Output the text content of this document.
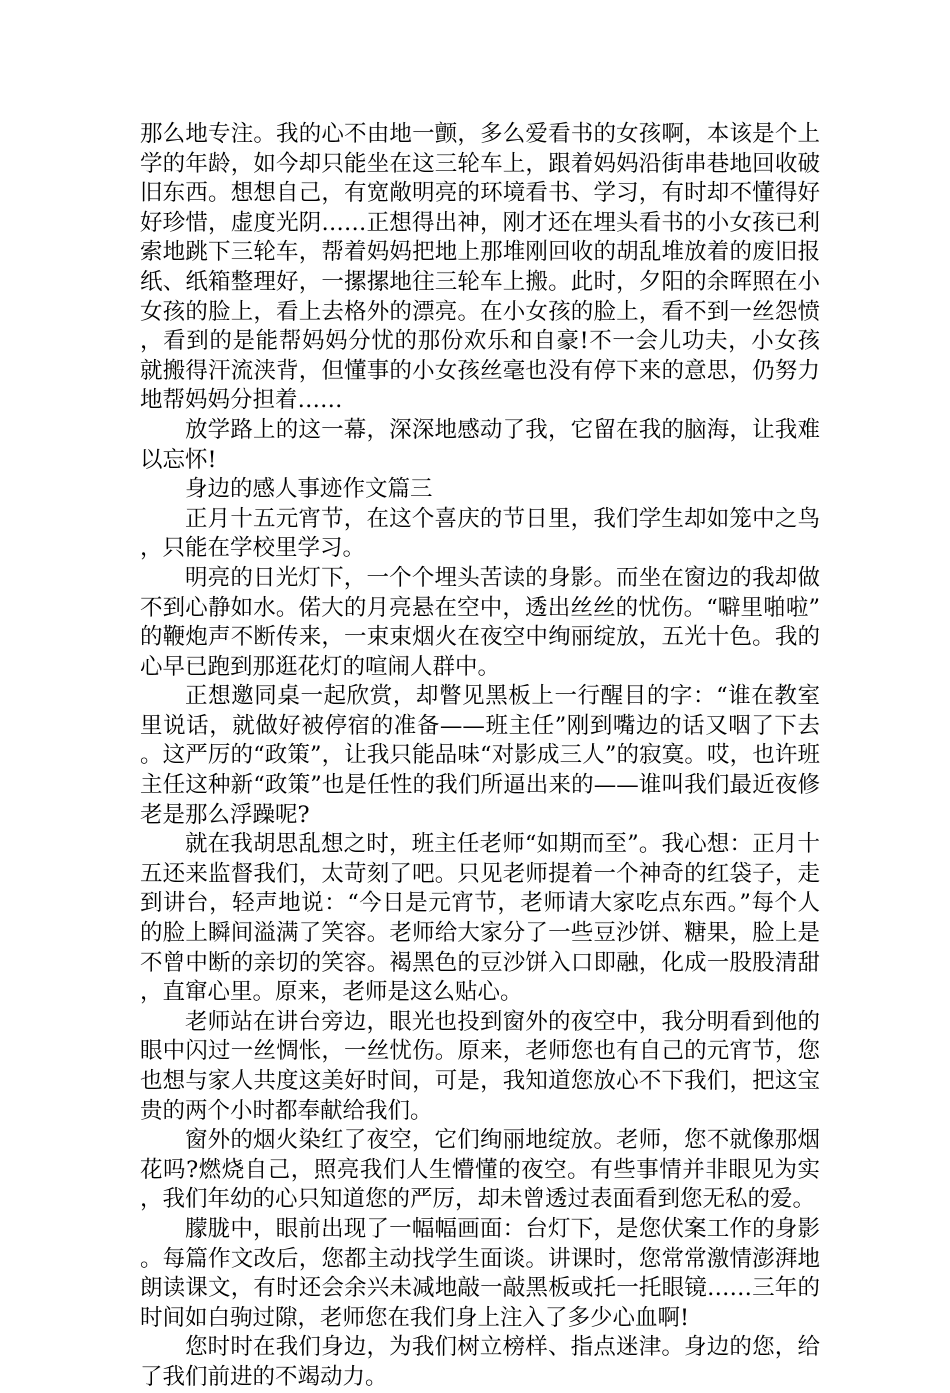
那么地专注。我的心不由地一颤，多么爱看书的女孩啊，本该是个上学的年龄，如今却只能坐在这三轮车上，跟着妈妈沿街串巷地回收破旧东西。想想自己，有宽敞明亮的环境看书、学习，有时却不懂得好好珍惜，虚度光阴……正想得出神，刚才还在埋头看书的小女孩已利索地跳下三轮车，帮着妈妈把地上那堆刚回收的胡乱堆放着的废旧报纸、纸箱整理好，一摞摞地往三轮车上搬。此时，夕阳的余晖照在小女孩的脸上，看上去格外的漂亮。在小女孩的脸上，看不到一丝怨愤，看到的是能帮妈妈分忧的那份欢乐和自豪!不一会儿功夫，小女孩就搬得汗流浃背，但懂事的小女孩丝毫也没有停下来的意思，仍努力地帮妈妈分担着……

放学路上的这一幕，深深地感动了我，它留在我的脑海，让我难以忘怀!

身边的感人事迹作文篇三

正月十五元宵节，在这个喜庆的节日里，我们学生却如笼中之鸟，只能在学校里学习。

明亮的日光灯下，一个个埋头苦读的身影。而坐在窗边的我却做不到心静如水。偌大的月亮悬在空中，透出丝丝的忧伤。“噼里啪啦”的鞭炮声不断传来，一束束烟火在夜空中绚丽绽放，五光十色。我的心早已跑到那逛花灯的喧闹人群中。

正想邀同桌一起欣赏，却瞥见黑板上一行醒目的字：“谁在教室里说话，就做好被停宿的准备——班主任”刚到嘴边的话又咽了下去。这严厉的“政策”，让我只能品味“对影成三人”的寂寞。哎，也许班主任这种新“政策”也是任性的我们所逼出来的——谁叫我们最近夜修老是那么浮躁呢?

就在我胡思乱想之时，班主任老师“如期而至”。我心想：正月十五还来监督我们，太苛刻了吧。只见老师提着一个神奇的红袋子，走到讲台，轻声地说：“今日是元宵节，老师请大家吃点东西。”每个人的脸上瞬间溢满了笑容。老师给大家分了一些豆沙饼、糖果，脸上是不曾中断的亲切的笑容。褐黑色的豆沙饼入口即融，化成一股股清甜，直窜心里。原来，老师是这么贴心。

老师站在讲台旁边，眼光也投到窗外的夜空中，我分明看到他的眼中闪过一丝惆怅，一丝忧伤。原来，老师您也有自己的元宵节，您也想与家人共度这美好时间，可是，我知道您放心不下我们，把这宝贵的两个小时都奉献给我们。

窗外的烟火染红了夜空，它们绚丽地绽放。老师，您不就像那烟花吗?燃烧自己，照亮我们人生懵懂的夜空。有些事情并非眼见为实，我们年幼的心只知道您的严厉，却未曾透过表面看到您无私的爱。

朦胧中，眼前出现了一幅幅画面：台灯下，是您伏案工作的身影。每篇作文改后，您都主动找学生面谈。讲课时，您常常激情澎湃地朗读课文，有时还会余兴未减地敲一敲黑板或托一托眼镜……三年的时间如白驹过隙，老师您在我们身上注入了多少心血啊!

您时时在我们身边，为我们树立榜样、指点迷津。身边的您，给了我们前进的不竭动力。
